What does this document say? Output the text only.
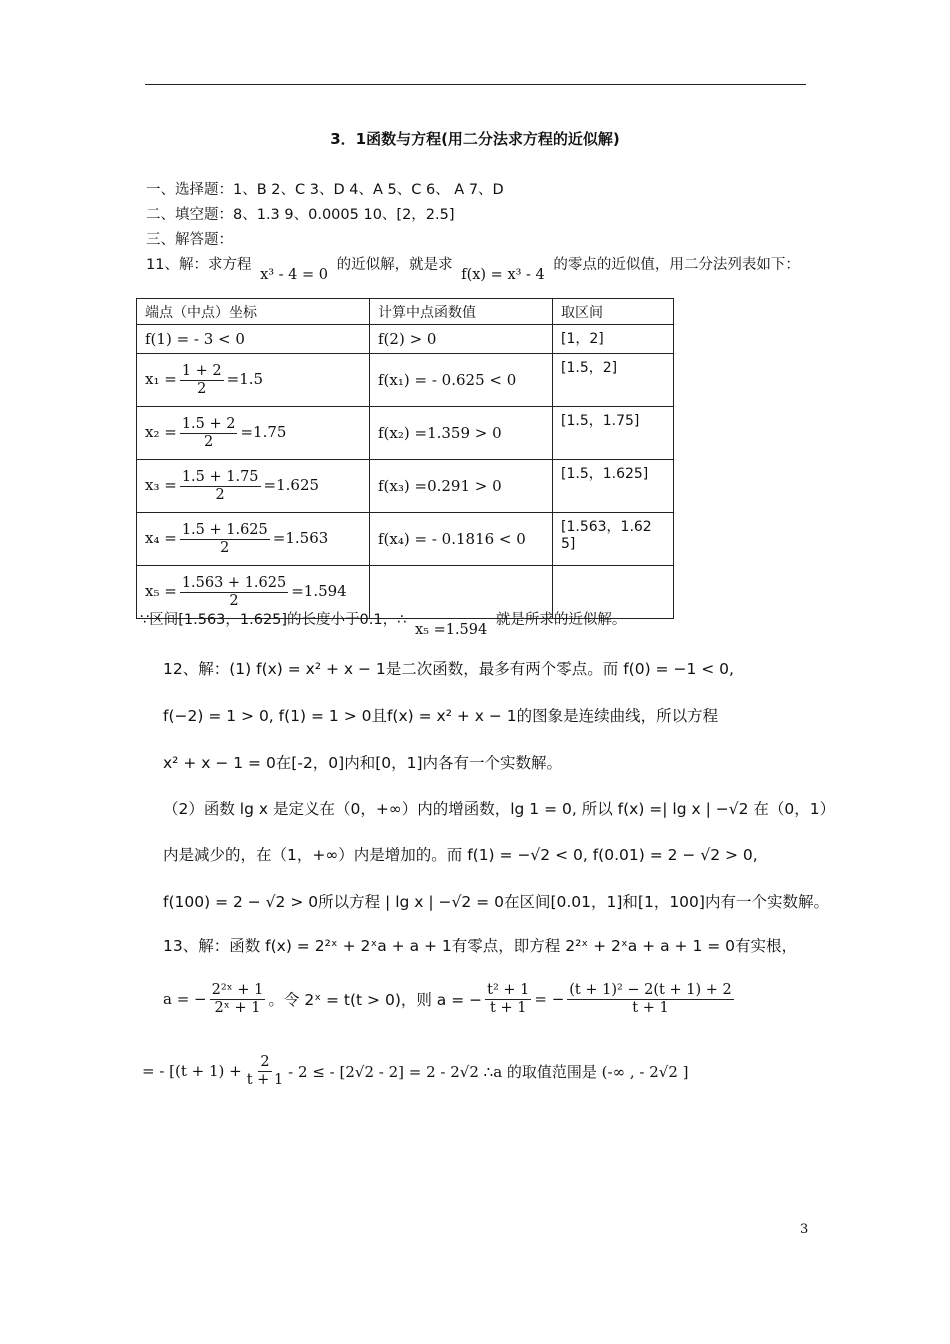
3．1函数与方程(用二分法求方程的近似解)
一、选择题：1、B 2、C 3、D 4、A 5、C 6、 A 7、D
二、填空题：8、1.3 9、0.0005 10、[2，2.5]
三、解答题：
11、解：求方程 x³ - 4 = 0 的近似解，就是求 f(x) = x³ - 4 的零点的近似值，用二分法列表如下：
端点（中点）坐标	计算中点函数值	取区间
f(1) = - 3 < 0	f(2) > 0	[1，2]
$x_1 = \frac{1 + 2}{2} =1.5$	f(x₁) = - 0.625 < 0	[1.5，2]
$x_2 = \frac{1.5 + 2}{2} =1.75$	f(x₂) =1.359 > 0	[1.5，1.75]
$x_3 = \frac{1.5 + 1.75}{2} =1.625$	f(x₃) =0.291 > 0	[1.5，1.625]
$x_4 = \frac{1.5 + 1.625}{2} =1.563$	f(x₄) = - 0.1816 < 0	[1.563，1.625]
$x_5 = \frac{1.563 + 1.625}{2} =1.594$		
∵区间[1.563，1.625]的长度小于0.1，∴ x₅ =1.594 就是所求的近似解。
12、解：(1) f(x) = x² + x − 1是二次函数，最多有两个零点。而 f(0) = −1 < 0,
f(−2) = 1 > 0, f(1) = 1 > 0且f(x) = x² + x − 1的图象是连续曲线，所以方程
x² + x − 1 = 0在[-2，0]内和[0，1]内各有一个实数解。
（2）函数 lg x 是定义在（0，+∞）内的增函数，lg 1 = 0, 所以 f(x) =| lg x | −√2 在（0，1）
内是减少的，在（1，+∞）内是增加的。而 f(1) = −√2 < 0, f(0.01) = 2 − √2 > 0,
f(100) = 2 − √2 > 0所以方程 | lg x | −√2 = 0在区间[0.01，1]和[1，100]内有一个实数解。
13、解：函数 f(x) = 2²ˣ + 2ˣa + a + 1有零点，即方程 2²ˣ + 2ˣa + a + 1 = 0有实根，
a = − $\frac{\text{2²ˣ + 1}}{\text{2ˣ + 1}}$ 。令 2ˣ = t(t > 0)，则 a = − $\frac{\text{t² + 1}}{t + 1}$ = − $\frac{\text{(t + 1)² − 2(t + 1) + 2}}{t + 1}$
= - [$(t + 1) + \frac{2}{t + 1} - 2$ ≤ - [2√2 - 2] = 2 - 2√2 ∴a 的取值范围是 (-∞ , - 2√2 ]
3
